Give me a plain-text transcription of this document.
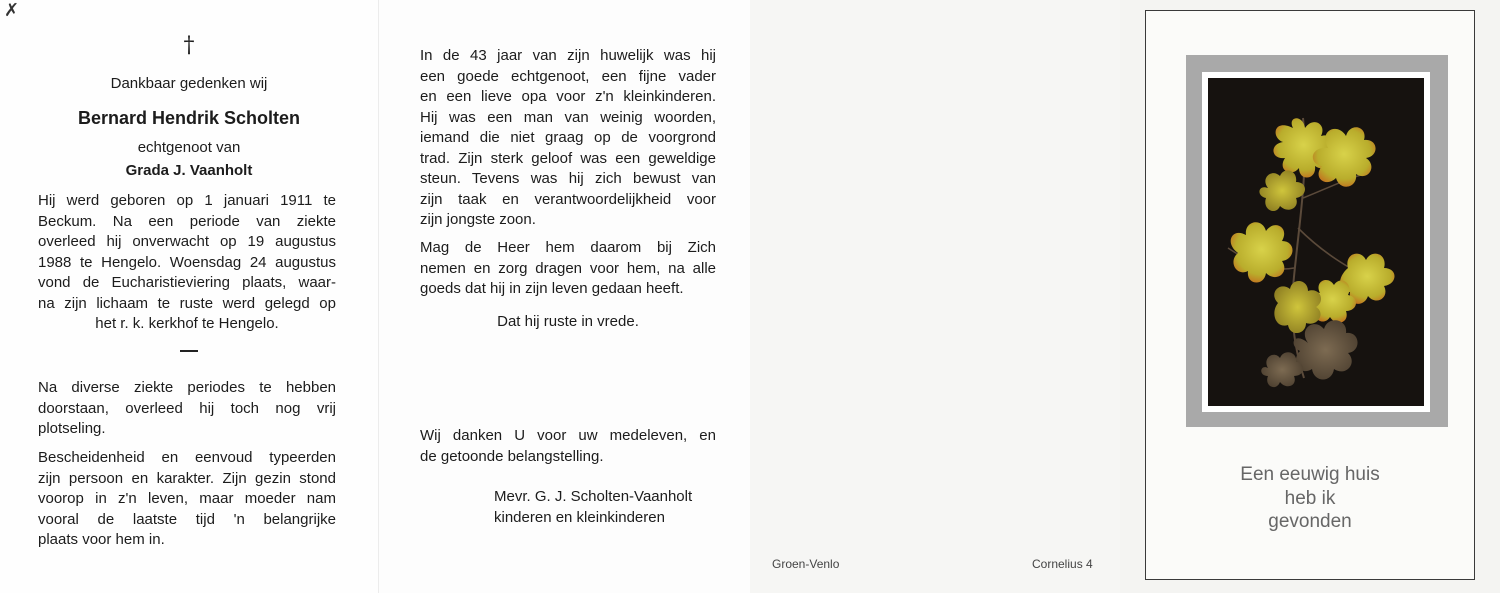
✗
†
Dankbaar gedenken wij
Bernard Hendrik Scholten
echtgenoot van
Grada J. Vaanholt
Hij werd geboren op 1 januari 1911 te
Beckum. Na een periode van ziekte
overleed hij onverwacht op 19 augustus
1988 te Hengelo. Woensdag 24 augustus
vond de Eucharistieviering plaats, waar-
na zijn lichaam te ruste werd gelegd op
het r. k. kerkhof te Hengelo.
Na diverse ziekte periodes te hebben
doorstaan, overleed hij toch nog vrij
plotseling.
Bescheidenheid en eenvoud typeerden
zijn persoon en karakter. Zijn gezin stond
voorop in z'n leven, maar moeder nam
vooral de laatste tijd 'n belangrijke
plaats voor hem in.
In de 43 jaar van zijn huwelijk was hij
een goede echtgenoot, een fijne vader
en een lieve opa voor z'n kleinkinderen.
Hij was een man van weinig woorden,
iemand die niet graag op de voorgrond
trad. Zijn sterk geloof was een geweldige
steun. Tevens was hij zich bewust van
zijn taak en verantwoordelijkheid voor
zijn jongste zoon.
Mag de Heer hem daarom bij Zich
nemen en zorg dragen voor hem, na alle
goeds dat hij in zijn leven gedaan heeft.
Dat hij ruste in vrede.
Wij danken U voor uw medeleven, en
de getoonde belangstelling.
Mevr. G. J. Scholten-Vaanholt
kinderen en kleinkinderen
Groen-Venlo	Cornelius 4
Een eeuwig huis
heb ik
gevonden
